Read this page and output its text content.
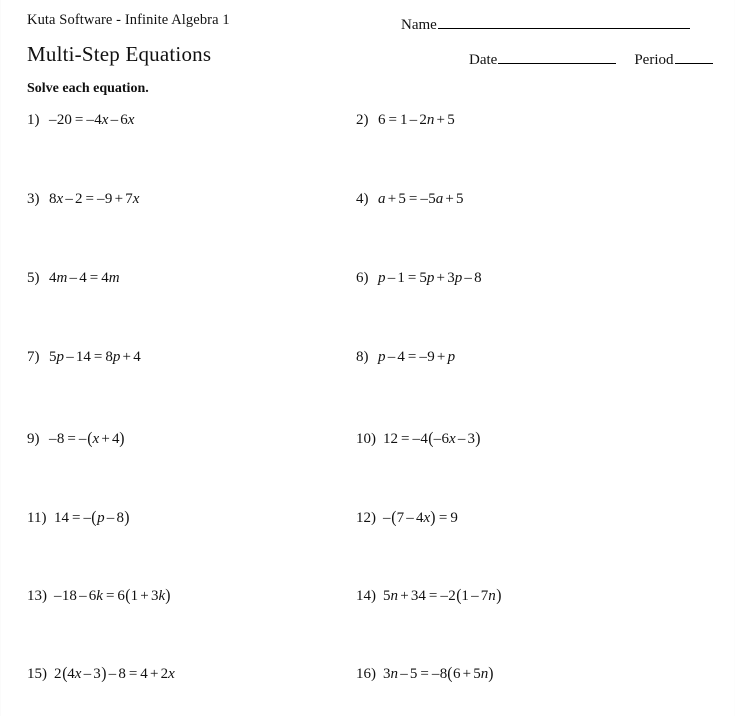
Kuta Software - Infinite Algebra 1
Multi-Step Equations
Solve each equation.
Name
Date	Period
1) –20 = –4x – 6x	2) 6 = 1 – 2n + 5
3) 8x – 2 = –9 + 7x	4) a + 5 = –5a + 5
5) 4m – 4 = 4m	6) p – 1 = 5p + 3p – 8
7) 5p – 14 = 8p + 4	8) p – 4 = –9 + p
9) –8 = –(x + 4)	10) 12 = –4(–6x – 3)
11) 14 = –(p – 8)	12) –(7 – 4x) = 9
13) –18 – 6k = 6(1 + 3k)	14) 5n + 34 = –2(1 – 7n)
15) 2(4x – 3) – 8 = 4 + 2x	16) 3n – 5 = –8(6 + 5n)
